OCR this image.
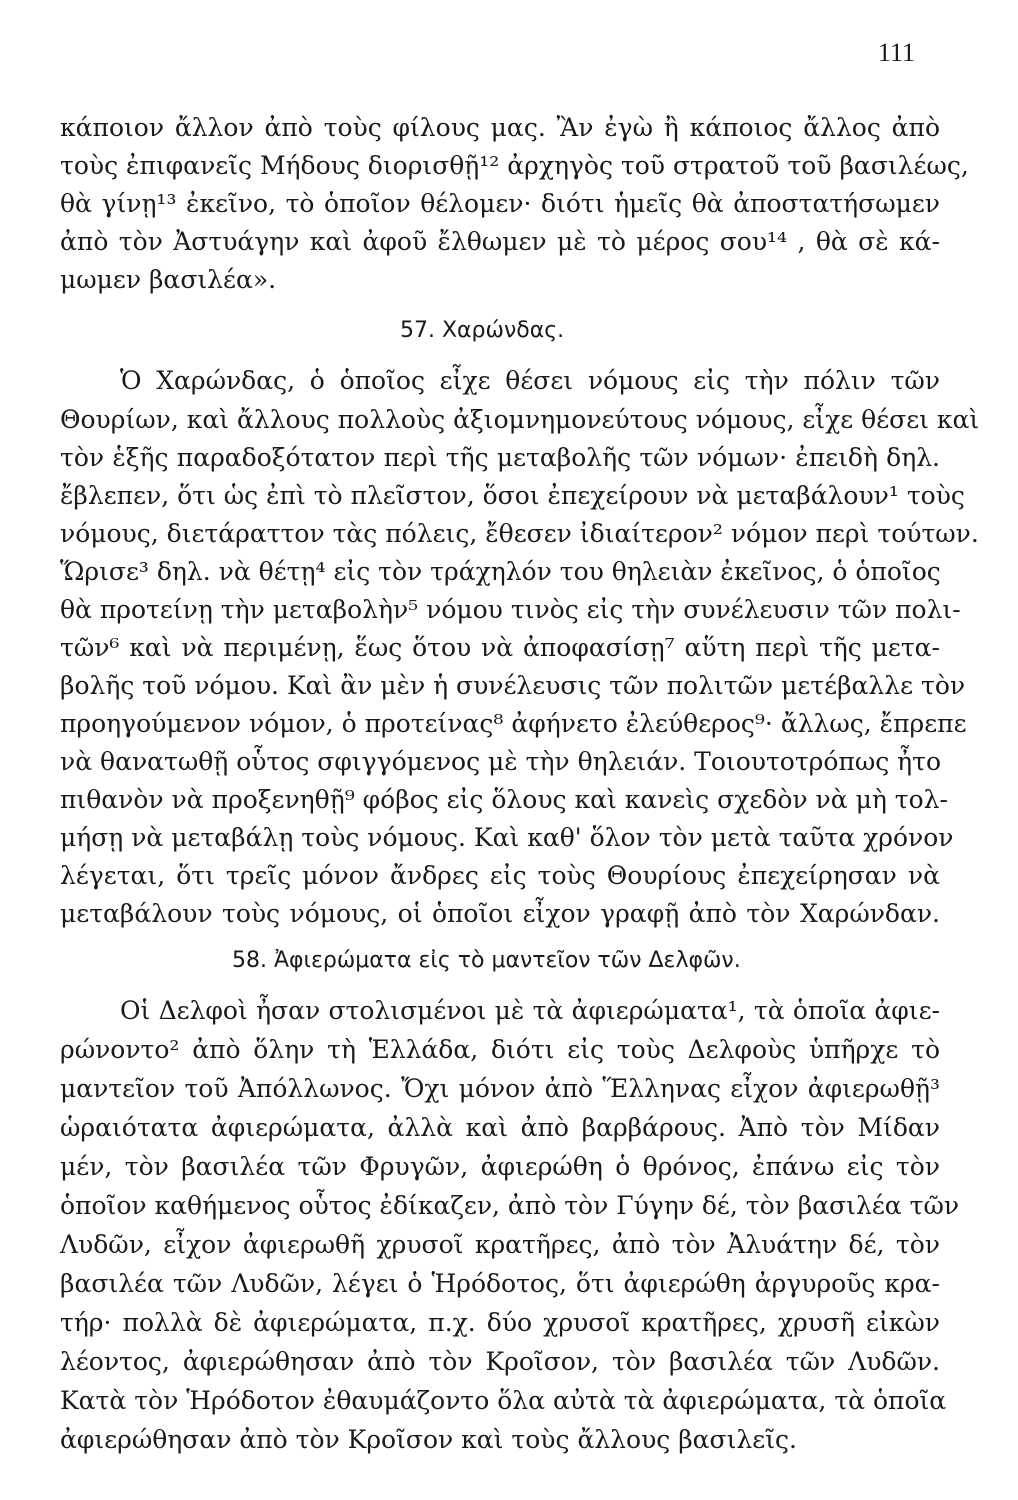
111
κάποιον ἄλλον ἀπὸ τοὺς φίλους μας. Ἂν ἐγὼ ἢ κάποιος ἄλλος ἀπὸ
τοὺς ἐπιφανεῖς Μήδους διορισθῇ¹² ἀρχηγὸς τοῦ στρατοῦ τοῦ βασιλέως,
θὰ γίνῃ¹³ ἐκεῖνο, τὸ ὁποῖον θέλομεν· διότι ἡμεῖς θὰ ἀποστατήσωμεν
ἀπὸ τὸν Ἀστυάγην καὶ ἀφοῦ ἔλθωμεν μὲ τὸ μέρος σου¹⁴ , θὰ σὲ κά-
μωμεν βασιλέα».
57. Χαρώνδας.
Ὁ Χαρώνδας, ὁ ὁποῖος εἶχε θέσει νόμους εἰς τὴν πόλιν τῶν
Θουρίων, καὶ ἄλλους πολλοὺς ἀξιομνημονεύτους νόμους, εἶχε θέσει καὶ
τὸν ἑξῆς παραδοξότατον περὶ τῆς μεταβολῆς τῶν νόμων· ἐπειδὴ δηλ.
ἔβλεπεν, ὅτι ὡς ἐπὶ τὸ πλεῖστον, ὅσοι ἐπεχείρουν νὰ μεταβάλουν¹ τοὺς
νόμους, διετάραττον τὰς πόλεις, ἔθεσεν ἰδιαίτερον² νόμον περὶ τούτων.
Ὥρισε³ δηλ. νὰ θέτῃ⁴ εἰς τὸν τράχηλόν του θηλειὰν ἐκεῖνος, ὁ ὁποῖος
θὰ προτείνῃ τὴν μεταβολὴν⁵ νόμου τινὸς εἰς τὴν συνέλευσιν τῶν πολι-
τῶν⁶ καὶ νὰ περιμένῃ, ἕως ὅτου νὰ ἀποφασίσῃ⁷ αὕτη περὶ τῆς μετα-
βολῆς τοῦ νόμου. Καὶ ἂν μὲν ἡ συνέλευσις τῶν πολιτῶν μετέβαλλε τὸν
προηγούμενον νόμον, ὁ προτείνας⁸ ἀφήνετο ἐλεύθερος⁹· ἄλλως, ἔπρεπε
νὰ θανατωθῇ οὗτος σφιγγόμενος μὲ τὴν θηλειάν. Τοιουτοτρόπως ἦτο
πιθανὸν νὰ προξενηθῇ⁹ φόβος εἰς ὅλους καὶ κανεὶς σχεδὸν νὰ μὴ τολ-
μήσῃ νὰ μεταβάλῃ τοὺς νόμους. Καὶ καθ' ὅλον τὸν μετὰ ταῦτα χρόνον
λέγεται, ὅτι τρεῖς μόνον ἄνδρες εἰς τοὺς Θουρίους ἐπεχείρησαν νὰ
μεταβάλουν τοὺς νόμους, οἱ ὁποῖοι εἶχον γραφῇ ἀπὸ τὸν Χαρώνδαν.
58. Ἀφιερώματα εἰς τὸ μαντεῖον τῶν Δελφῶν.
Οἱ Δελφοὶ ἦσαν στολισμένοι μὲ τὰ ἀφιερώματα¹, τὰ ὁποῖα ἀφιε-
ρώνοντο² ἀπὸ ὅλην τὴ Ἑλλάδα, διότι εἰς τοὺς Δελφοὺς ὑπῆρχε τὸ
μαντεῖον τοῦ Ἀπόλλωνος. Ὄχι μόνον ἀπὸ Ἕλληνας εἶχον ἀφιερωθῇ³
ὡραιότατα ἀφιερώματα, ἀλλὰ καὶ ἀπὸ βαρβάρους. Ἀπὸ τὸν Μίδαν
μέν, τὸν βασιλέα τῶν Φρυγῶν, ἀφιερώθη ὁ θρόνος, ἐπάνω εἰς τὸν
ὁποῖον καθήμενος οὗτος ἐδίκαζεν, ἀπὸ τὸν Γύγην δέ, τὸν βασιλέα τῶν
Λυδῶν, εἶχον ἀφιερωθῆ χρυσοῖ κρατῆρες, ἀπὸ τὸν Ἀλυάτην δέ, τὸν
βασιλέα τῶν Λυδῶν, λέγει ὁ Ἡρόδοτος, ὅτι ἀφιερώθη ἀργυροῦς κρα-
τήρ· πολλὰ δὲ ἀφιερώματα, π.χ. δύο χρυσοῖ κρατῆρες, χρυσῆ εἰκὼν
λέοντος, ἀφιερώθησαν ἀπὸ τὸν Κροῖσον, τὸν βασιλέα τῶν Λυδῶν.
Κατὰ τὸν Ἡρόδοτον ἐθαυμάζοντο ὅλα αὐτὰ τὰ ἀφιερώματα, τὰ ὁποῖα
ἀφιερώθησαν ἀπὸ τὸν Κροῖσον καὶ τοὺς ἄλλους βασιλεῖς.
